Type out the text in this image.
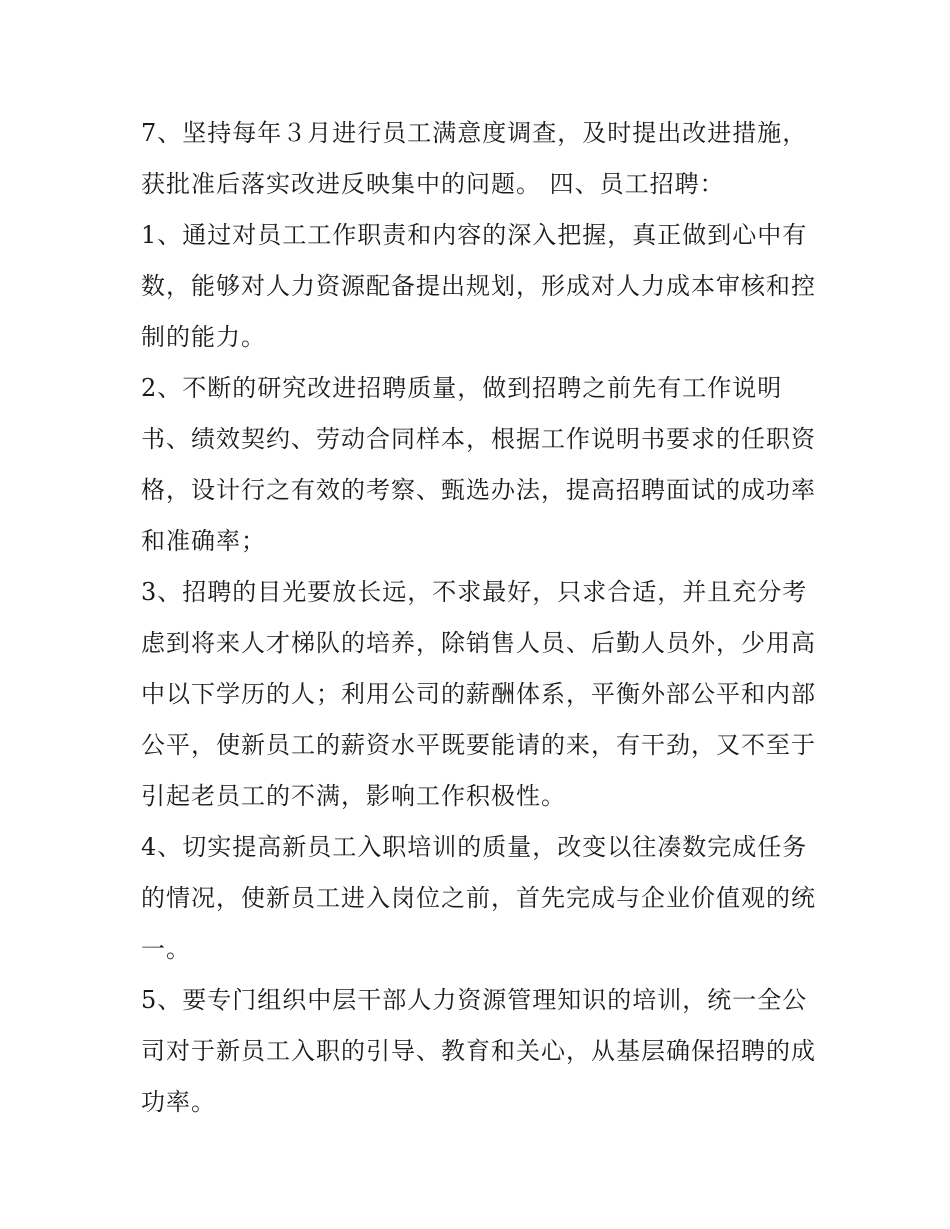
7、坚持每年３月进行员工满意度调查，及时提出改进措施，
获批准后落实改进反映集中的问题。 四、员工招聘：
1、通过对员工工作职责和内容的深入把握，真正做到心中有
数，能够对人力资源配备提出规划，形成对人力成本审核和控
制的能力。
2、不断的研究改进招聘质量，做到招聘之前先有工作说明
书、绩效契约、劳动合同样本，根据工作说明书要求的任职资
格，设计行之有效的考察、甄选办法，提高招聘面试的成功率
和准确率；
3、招聘的目光要放长远，不求最好，只求合适，并且充分考
虑到将来人才梯队的培养，除销售人员、后勤人员外，少用高
中以下学历的人；利用公司的薪酬体系，平衡外部公平和内部
公平，使新员工的薪资水平既要能请的来，有干劲，又不至于
引起老员工的不满，影响工作积极性。
4、切实提高新员工入职培训的质量，改变以往凑数完成任务
的情况，使新员工进入岗位之前，首先完成与企业价值观的统
一。
5、要专门组织中层干部人力资源管理知识的培训，统一全公
司对于新员工入职的引导、教育和关心，从基层确保招聘的成
功率。
